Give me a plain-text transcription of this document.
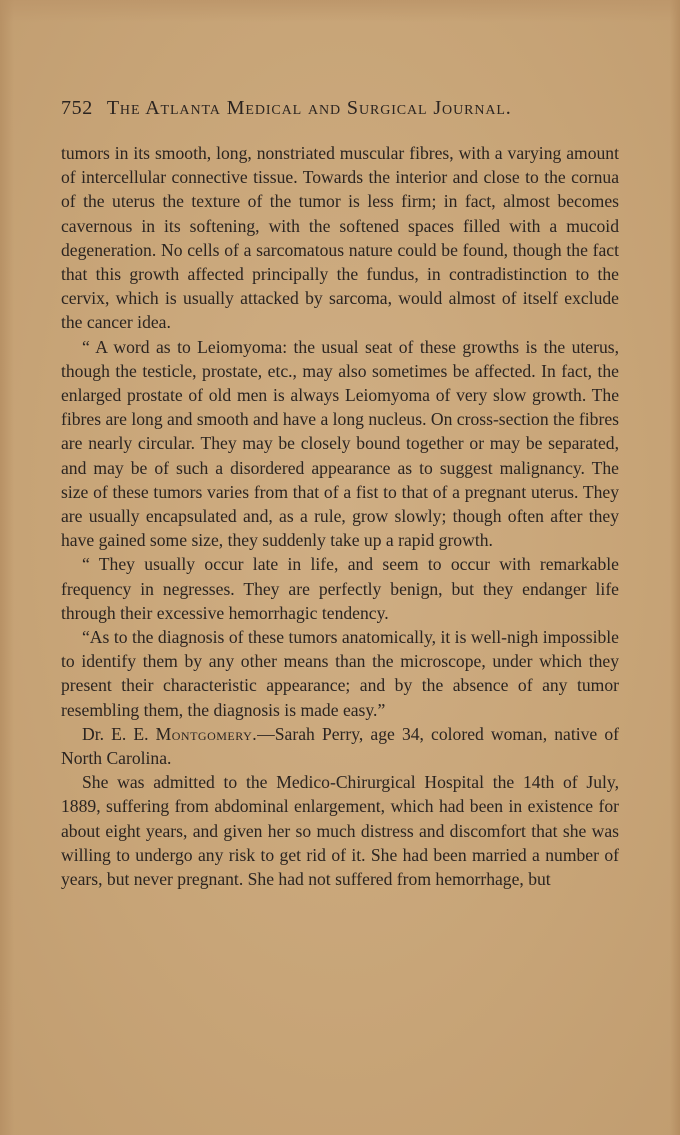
752 The Atlanta Medical and Surgical Journal.

tumors in its smooth, long, nonstriated muscular fibres, with a varying amount of intercellular connective tissue. Towards the interior and close to the cornua of the uterus the texture of the tumor is less firm; in fact, almost becomes cavernous in its softening, with the softened spaces filled with a mucoid degeneration. No cells of a sarcomatous nature could be found, though the fact that this growth affected principally the fundus, in contradistinction to the cervix, which is usually attacked by sarcoma, would almost of itself exclude the cancer idea.

“ A word as to Leiomyoma: the usual seat of these growths is the uterus, though the testicle, prostate, etc., may also sometimes be affected. In fact, the enlarged prostate of old men is always Leiomyoma of very slow growth. The fibres are long and smooth and have a long nucleus. On cross-section the fibres are nearly circular. They may be closely bound together or may be separated, and may be of such a disordered appearance as to suggest malignancy. The size of these tumors varies from that of a fist to that of a pregnant uterus. They are usually encapsulated and, as a rule, grow slowly; though often after they have gained some size, they suddenly take up a rapid growth.

“ They usually occur late in life, and seem to occur with remarkable frequency in negresses. They are perfectly benign, but they endanger life through their excessive hemorrhagic tendency.

“As to the diagnosis of these tumors anatomically, it is well-nigh impossible to identify them by any other means than the microscope, under which they present their characteristic appearance; and by the absence of any tumor resembling them, the diagnosis is made easy.”

Dr. E. E. Montgomery.—Sarah Perry, age 34, colored woman, native of North Carolina.

She was admitted to the Medico-Chirurgical Hospital the 14th of July, 1889, suffering from abdominal enlargement, which had been in existence for about eight years, and given her so much distress and discomfort that she was willing to undergo any risk to get rid of it. She had been married a number of years, but never pregnant. She had not suffered from hemorrhage, but
